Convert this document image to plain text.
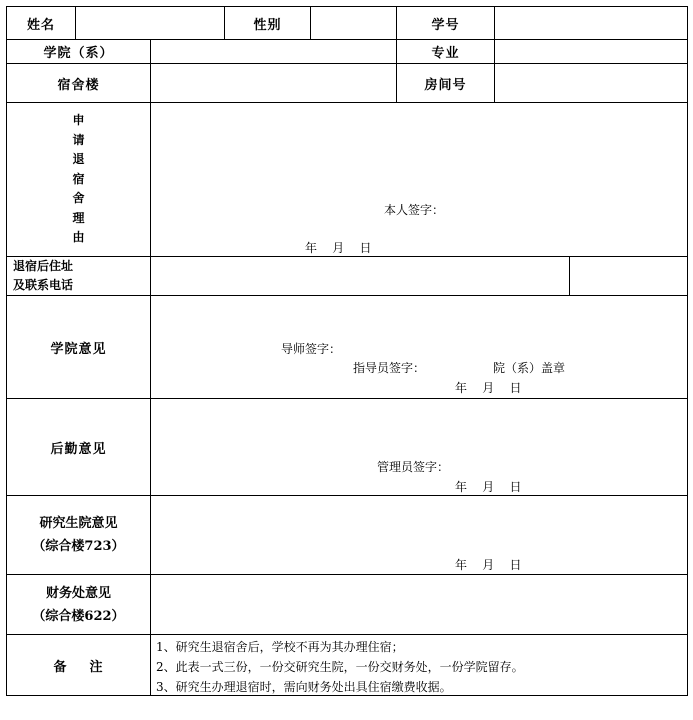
姓名	性别	学号
学院（系）	专业
宿舍楼	房间号
申
请
退
宿
舍
理
由
本人签字：
年    月    日
退宿后住址
及联系电话
学院意见	导师签字：
指导员签字：	院（系）盖章
年    月    日
后勤意见
管理员签字：
年    月    日
研究生院意见
（综合楼723）
年    月    日
财务处意见
（综合楼622）
备    注
1、研究生退宿舍后，学校不再为其办理住宿；
2、此表一式三份，一份交研究生院，一份交财务处，一份学院留存。
3、研究生办理退宿时，需向财务处出具住宿缴费收据。
